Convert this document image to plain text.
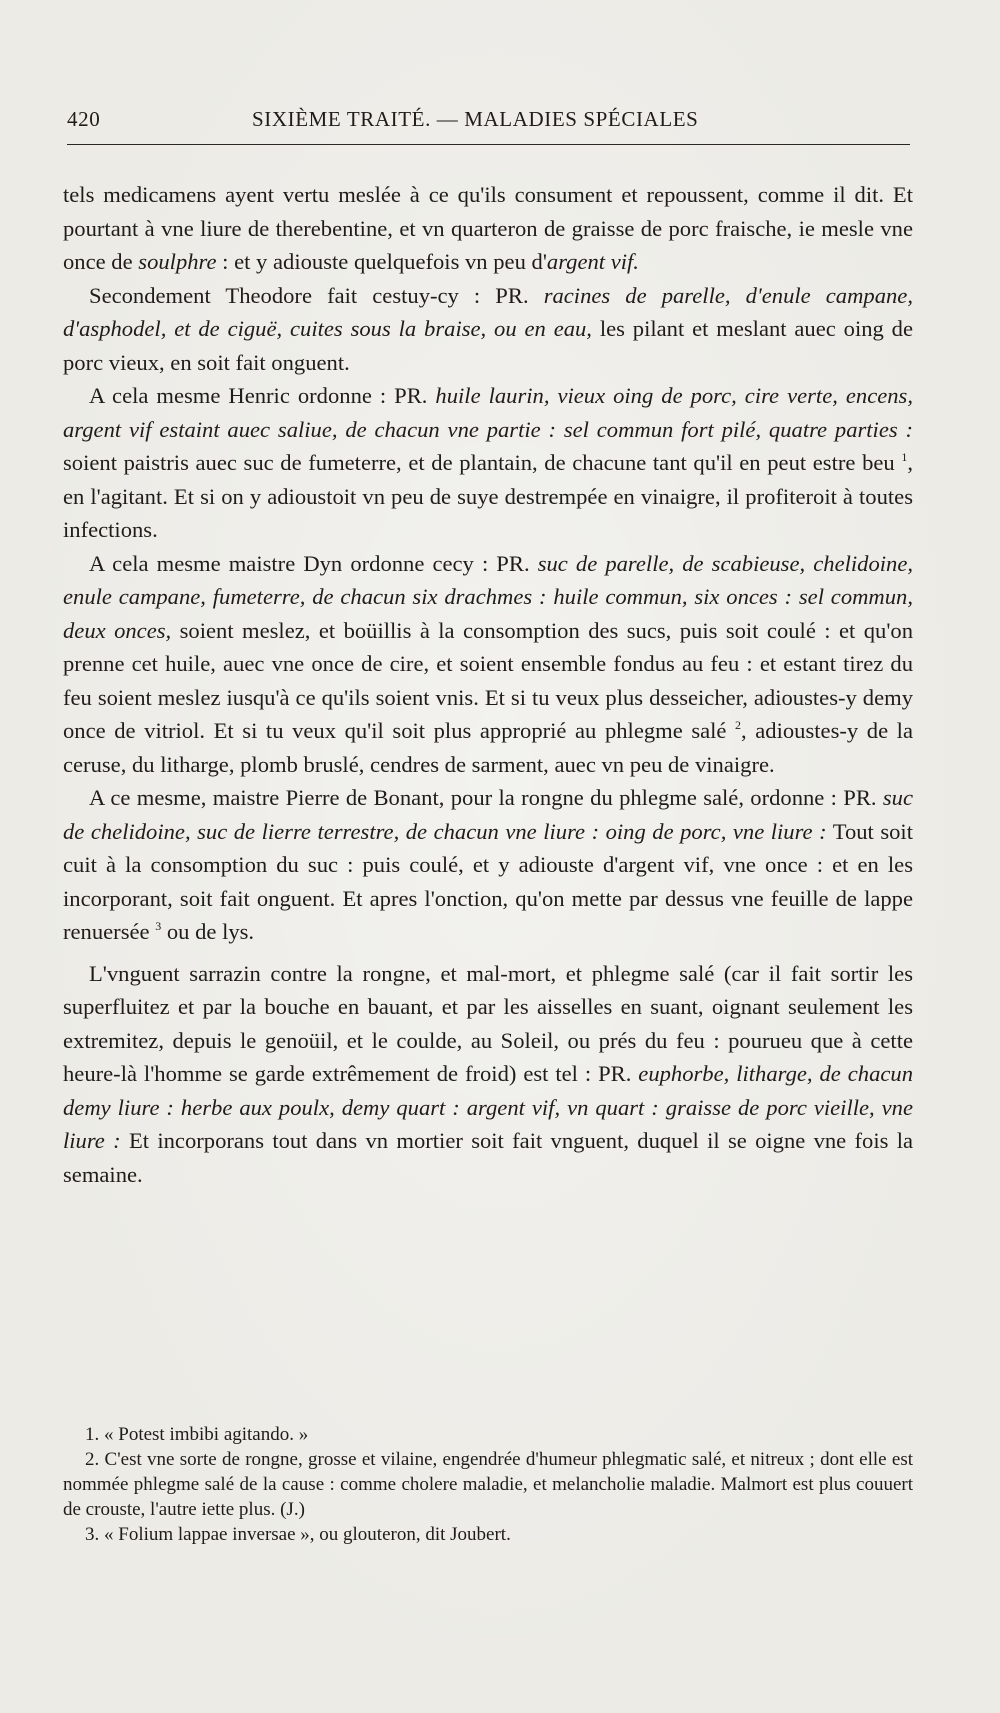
420	SIXIÈME TRAITÉ. — MALADIES SPÉCIALES

tels medicamens ayent vertu meslée à ce qu'ils consument et repoussent, comme il dit. Et pourtant à vne liure de therebentine, et vn quarteron de graisse de porc fraische, ie mesle vne once de soulphre : et y adiouste quelquefois vn peu d'argent vif.

Secondement Theodore fait cestuy-cy : PR. racines de parelle, d'enule campane, d'asphodel, et de ciguë, cuites sous la braise, ou en eau, les pilant et meslant auec oing de porc vieux, en soit fait onguent.

A cela mesme Henric ordonne : PR. huile laurin, vieux oing de porc, cire verte, encens, argent vif estaint auec saliue, de chacun vne partie : sel commun fort pilé, quatre parties : soient paistris auec suc de fumeterre, et de plantain, de chacune tant qu'il en peut estre beu $^1$, en l'agitant. Et si on y adioustoit vn peu de suye destrempée en vinaigre, il profiteroit à toutes infections.

A cela mesme maistre Dyn ordonne cecy : PR. suc de parelle, de scabieuse, chelidoine, enule campane, fumeterre, de chacun six drachmes : huile commun, six onces : sel commun, deux onces, soient meslez, et boüillis à la consomption des sucs, puis soit coulé : et qu'on prenne cet huile, auec vne once de cire, et soient ensemble fondus au feu : et estant tirez du feu soient meslez iusqu'à ce qu'ils soient vnis. Et si tu veux plus desseicher, adioustes-y demy once de vitriol. Et si tu veux qu'il soit plus approprié au phlegme salé $^2$, adioustes-y de la ceruse, du litharge, plomb bruslé, cendres de sarment, auec vn peu de vinaigre.

A ce mesme, maistre Pierre de Bonant, pour la rongne du phlegme salé, ordonne : PR. suc de chelidoine, suc de lierre terrestre, de chacun vne liure : oing de porc, vne liure : Tout soit cuit à la consomption du suc : puis coulé, et y adiouste d'argent vif, vne once : et en les incorporant, soit fait onguent. Et apres l'onction, qu'on mette par dessus vne feuille de lappe renuersée $^3$ ou de lys.

L'vnguent sarrazin contre la rongne, et mal-mort, et phlegme salé (car il fait sortir les superfluitez et par la bouche en bauant, et par les aisselles en suant, oignant seulement les extremitez, depuis le genoüil, et le coulde, au Soleil, ou prés du feu : pourueu que à cette heure-là l'homme se garde extrêmement de froid) est tel : PR. euphorbe, litharge, de chacun demy liure : herbe aux poulx, demy quart : argent vif, vn quart : graisse de porc vieille, vne liure : Et incorporans tout dans vn mortier soit fait vnguent, duquel il se oigne vne fois la semaine.

1. « Potest imbibi agitando. »

2. C'est vne sorte de rongne, grosse et vilaine, engendrée d'humeur phlegmatic salé, et nitreux ; dont elle est nommée phlegme salé de la cause : comme cholere maladie, et melancholie maladie. Malmort est plus couuert de crouste, l'autre iette plus. (J.)

3. « Folium lappae inversae », ou glouteron, dit Joubert.
